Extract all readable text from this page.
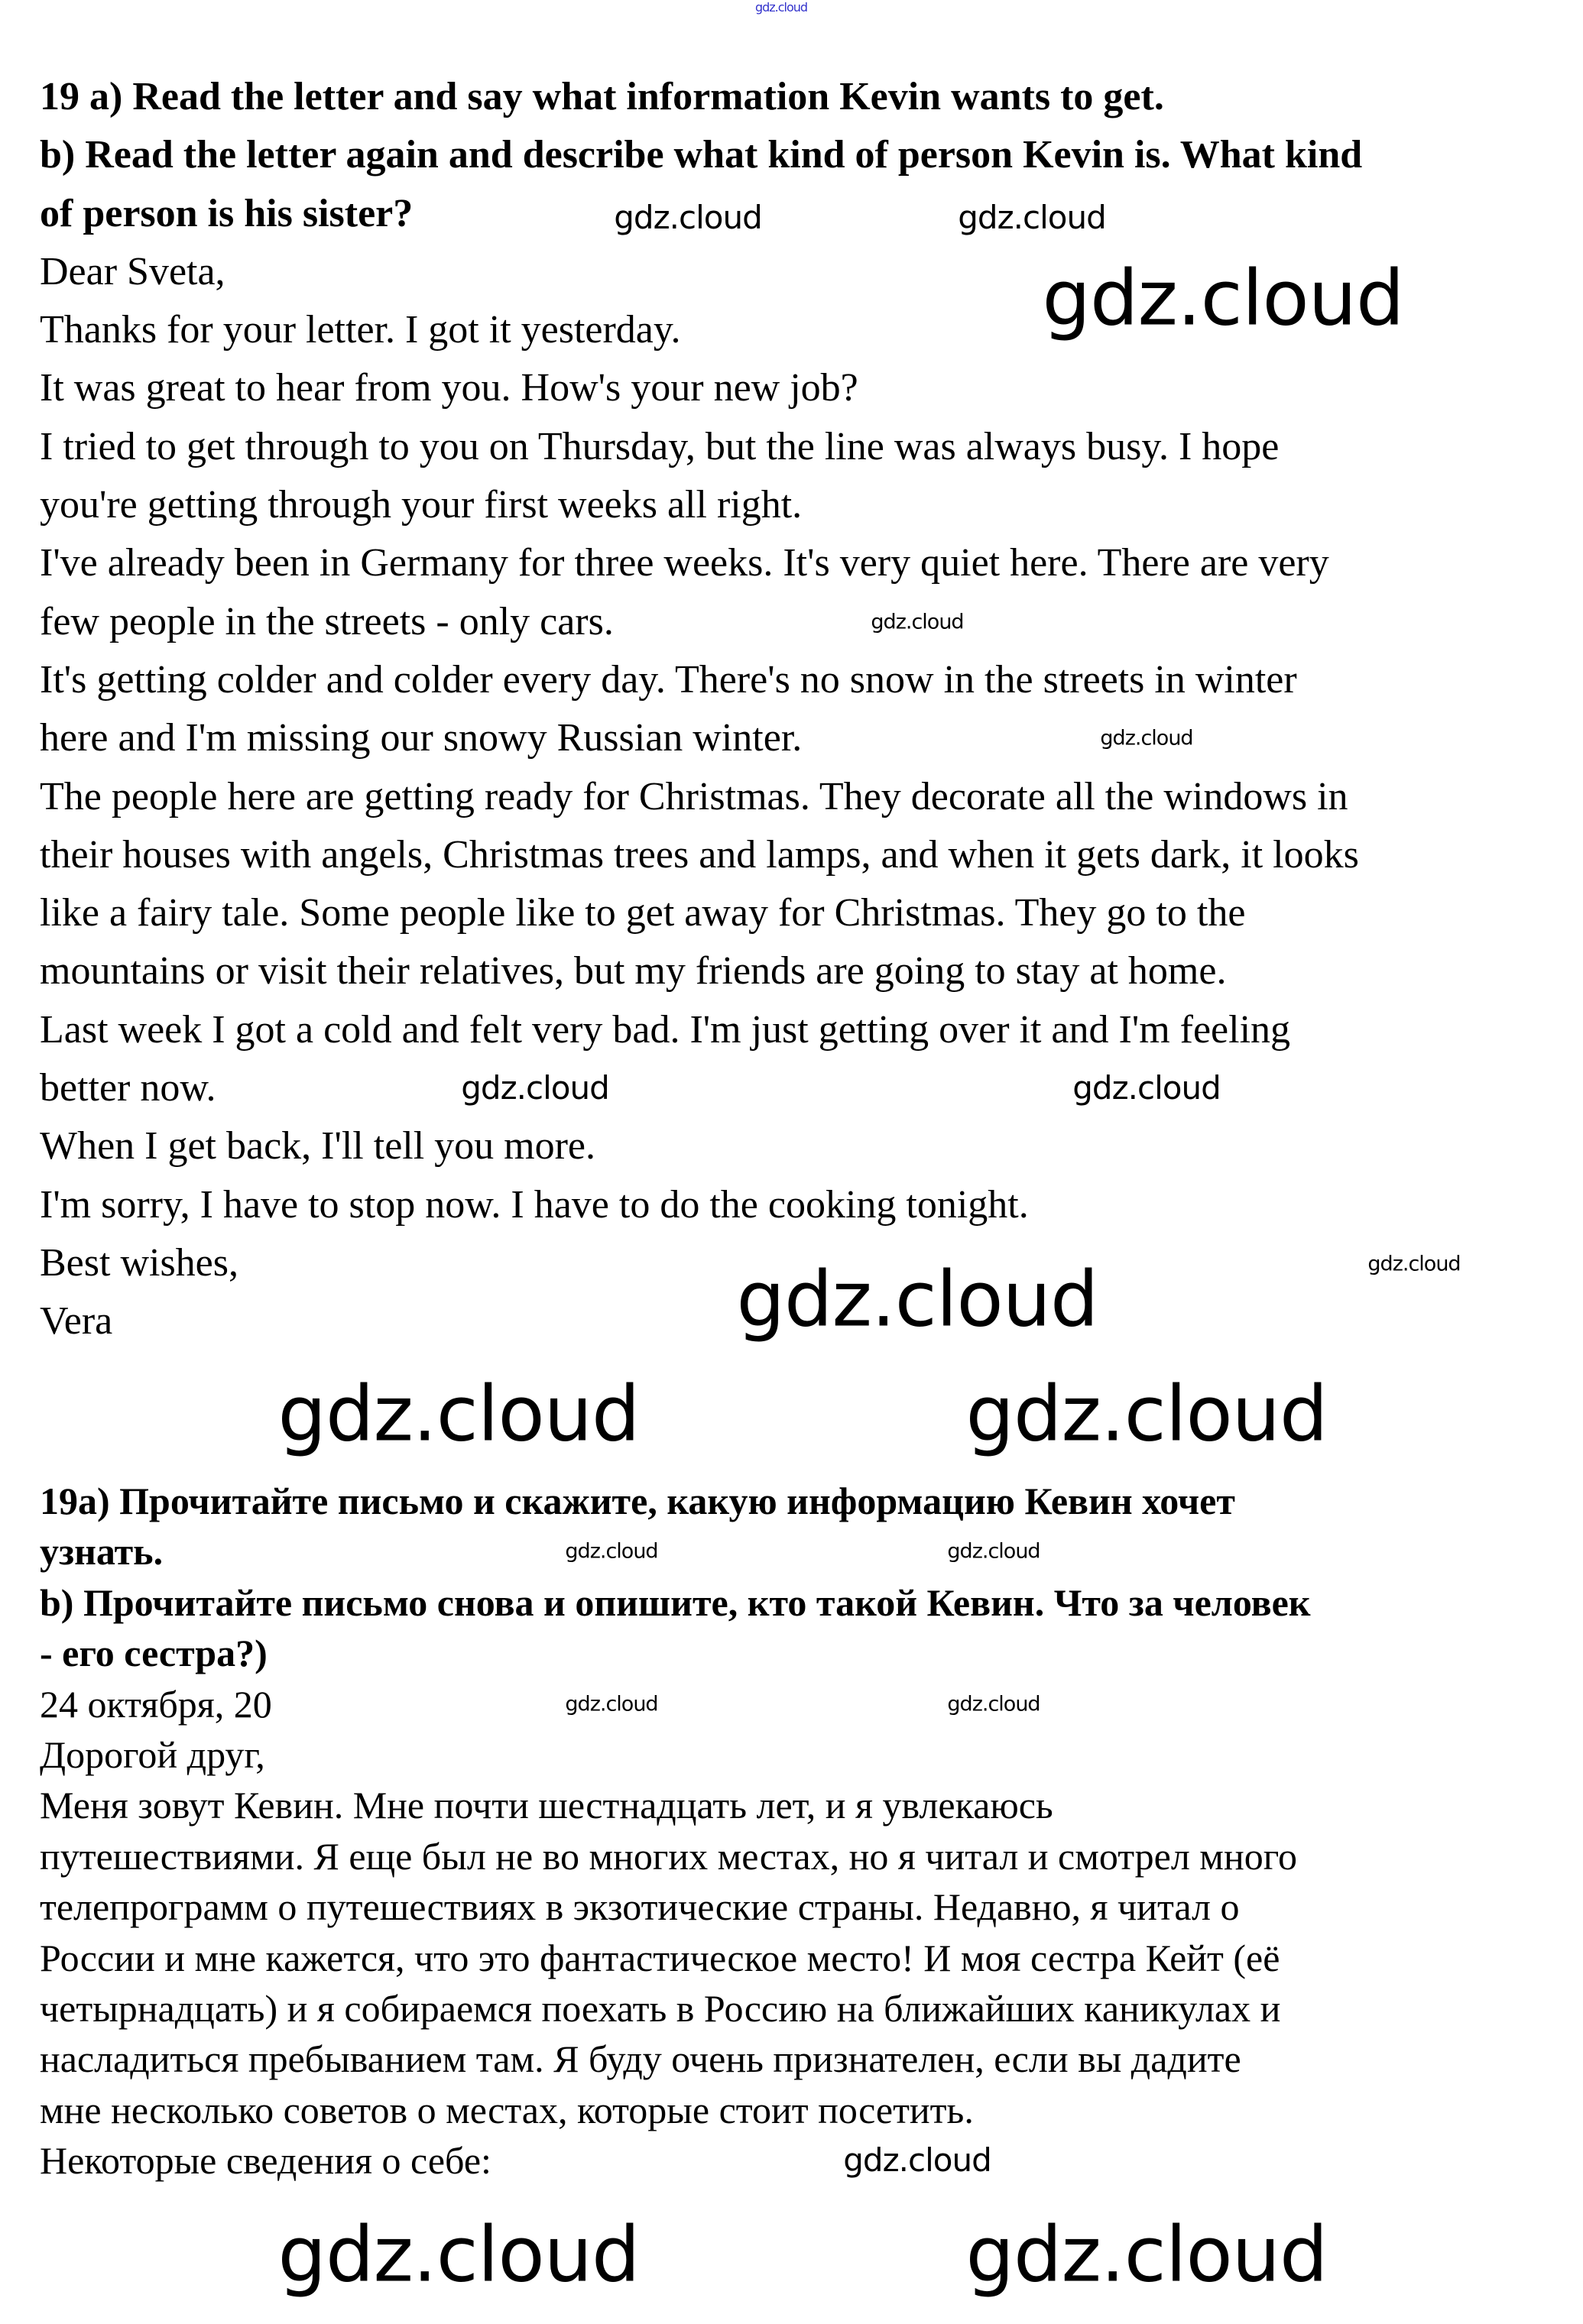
19 a) Read the letter and say what information Kevin wants to get.
b) Read the letter again and describe what kind of person Kevin is. What kind
of person is his sister?
Dear Sveta,
Thanks for your letter. I got it yesterday.
It was great to hear from you. How's your new job?
I tried to get through to you on Thursday, but the line was always busy. I hope
you're getting through your first weeks all right.
I've already been in Germany for three weeks. It's very quiet here. There are very
few people in the streets - only cars.
It's getting colder and colder every day. There's no snow in the streets in winter
here and I'm missing our snowy Russian winter.
The people here are getting ready for Christmas. They decorate all the windows in
their houses with angels, Christmas trees and lamps, and when it gets dark, it looks
like a fairy tale. Some people like to get away for Christmas. They go to the
mountains or visit their relatives, but my friends are going to stay at home.
Last week I got a cold and felt very bad. I'm just getting over it and I'm feeling
better now.
When I get back, I'll tell you more.
I'm sorry, I have to stop now. I have to do the cooking tonight.
Best wishes,
Vera
19a) Прочитайте письмо и скажите, какую информацию Кевин хочет
узнать.
b) Прочитайте письмо снова и опишите, кто такой Кевин. Что за человек
- его сестра?)
24 октября, 20
Дорогой друг,
Меня зовут Кевин. Мне почти шестнадцать лет, и я увлекаюсь
путешествиями. Я еще был не во многих местах, но я читал и смотрел много
телепрограмм о путешествиях в экзотические страны. Недавно, я читал о
России и мне кажется, что это фантастическое место! И моя сестра Кейт (её
четырнадцать) и я собираемся поехать в Россию на ближайших каникулах и
насладиться пребыванием там. Я буду очень признателен, если вы дадите
мне несколько советов о местах, которые стоит посетить.
Некоторые сведения о себе:
gdz.cloud
gdz.cloud	gdz.cloud
gdz.cloud
gdz.cloud
gdz.cloud
gdz.cloud	gdz.cloud
gdz.cloud
gdz.cloud
gdz.cloud	gdz.cloud
gdz.cloud	gdz.cloud
gdz.cloud	gdz.cloud
gdz.cloud
gdz.cloud	gdz.cloud
